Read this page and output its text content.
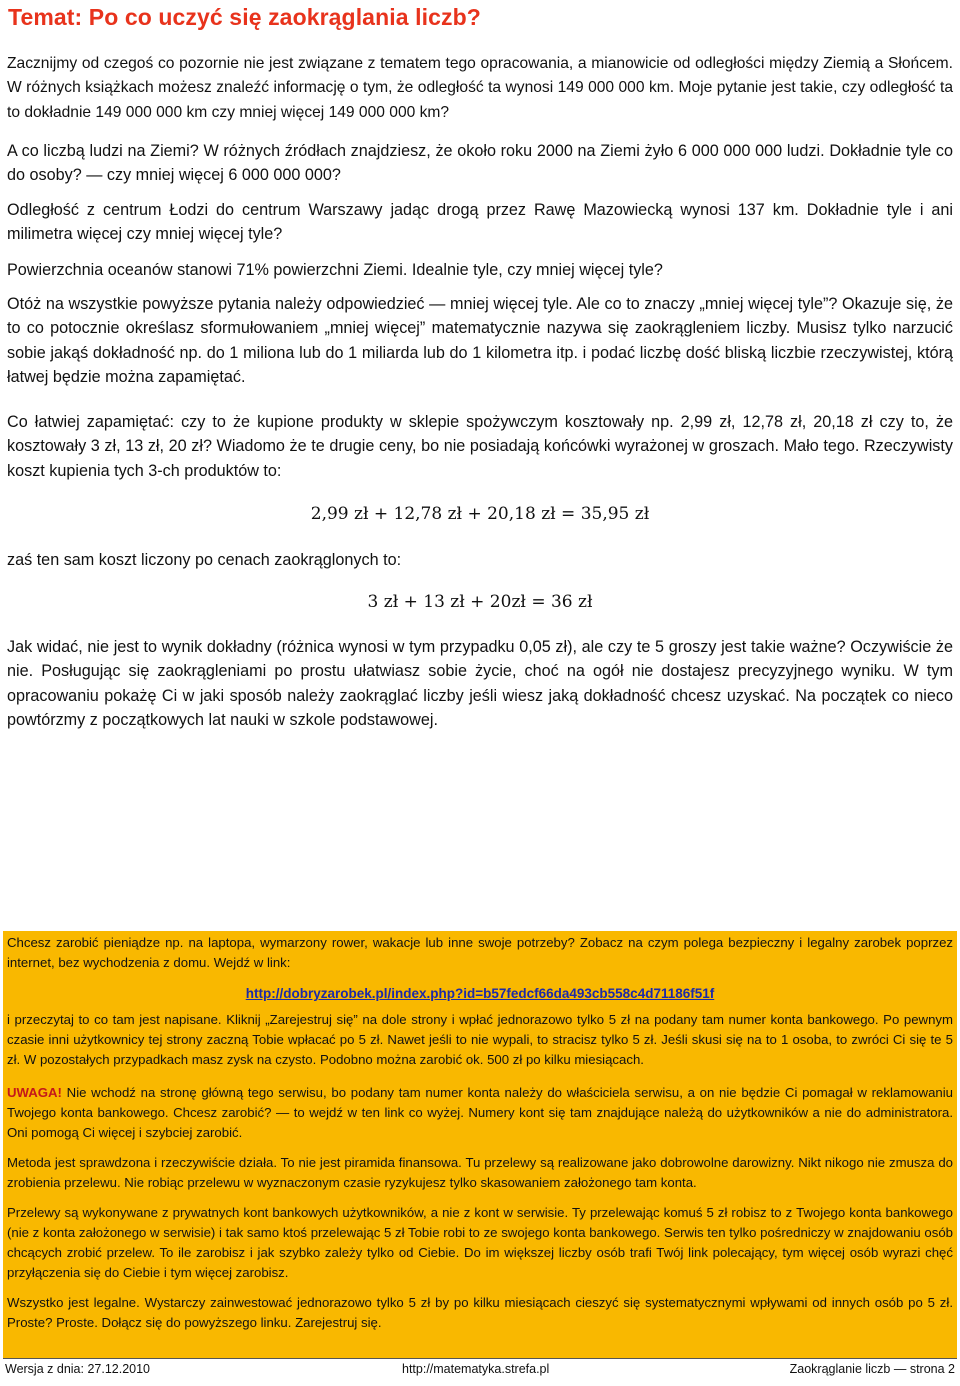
Temat: Po co uczyć się zaokrąglania liczb?

Zacznijmy od czegoś co pozornie nie jest związane z tematem tego opracowania, a mianowicie od odległości między Ziemią a Słońcem. W różnych książkach możesz znaleźć informację o tym, że odległość ta wynosi 149 000 000 km. Moje pytanie jest takie, czy odległość ta to dokładnie 149 000 000 km czy mniej więcej 149 000 000 km?

A co liczbą ludzi na Ziemi? W różnych źródłach znajdziesz, że około roku 2000 na Ziemi żyło 6 000 000 000 ludzi. Dokładnie tyle co do osoby? — czy mniej więcej 6 000 000 000?

Odległość z centrum Łodzi do centrum Warszawy jadąc drogą przez Rawę Mazowiecką wynosi 137 km. Dokładnie tyle i ani milimetra więcej czy mniej więcej tyle?

Powierzchnia oceanów stanowi 71% powierzchni Ziemi. Idealnie tyle, czy mniej więcej tyle?

Otóż na wszystkie powyższe pytania należy odpowiedzieć — mniej więcej tyle. Ale co to znaczy „mniej więcej tyle”? Okazuje się, że to co potocznie określasz sformułowaniem „mniej więcej” matematycznie nazywa się zaokrągleniem liczby. Musisz tylko narzucić sobie jakąś dokładność np. do 1 miliona lub do 1 miliarda lub do 1 kilometra itp. i podać liczbę dość bliską liczbie rzeczywistej, którą łatwej będzie można zapamiętać.

Co łatwiej zapamiętać: czy to że kupione produkty w sklepie spożywczym kosztowały np. 2,99 zł, 12,78 zł, 20,18 zł czy to, że kosztowały 3 zł, 13 zł, 20 zł? Wiadomo że te drugie ceny, bo nie posiadają końcówki wyrażonej w groszach. Mało tego. Rzeczywisty koszt kupienia tych 3-ch produktów to:

2,99 zł + 12,78 zł + 20,18 zł = 35,95 zł

zaś ten sam koszt liczony po cenach zaokrąglonych to:

3 zł + 13 zł + 20zł = 36 zł

Jak widać, nie jest to wynik dokładny (różnica wynosi w tym przypadku 0,05 zł), ale czy te 5 groszy jest takie ważne? Oczywiście że nie. Posługując się zaokrągleniami po prostu ułatwiasz sobie życie, choć na ogół nie dostajesz precyzyjnego wyniku. W tym opracowaniu pokażę Ci w jaki sposób należy zaokrąglać liczby jeśli wiesz jaką dokładność chcesz uzyskać. Na początek co nieco powtórzmy z początkowych lat nauki w szkole podstawowej.

Chcesz zarobić pieniądze np. na laptopa, wymarzony rower, wakacje lub inne swoje potrzeby? Zobacz na czym polega bezpieczny i legalny zarobek poprzez internet, bez wychodzenia z domu. Wejdź w link:

http://dobryzarobek.pl/index.php?id=b57fedcf66da493cb558c4d71186f51f

i przeczytaj to co tam jest napisane. Kliknij „Zarejestruj się” na dole strony i wpłać jednorazowo tylko 5 zł na podany tam numer konta bankowego. Po pewnym czasie inni użytkownicy tej strony zaczną Tobie wpłacać po 5 zł. Nawet jeśli to nie wypali, to stracisz tylko 5 zł. Jeśli skusi się na to 1 osoba, to zwróci Ci się te 5 zł. W pozostałych przypadkach masz zysk na czysto. Podobno można zarobić ok. 500 zł po kilku miesiącach.

UWAGA! Nie wchodź na stronę główną tego serwisu, bo podany tam numer konta należy do właściciela serwisu, a on nie będzie Ci pomagał w reklamowaniu Twojego konta bankowego. Chcesz zarobić? — to wejdź w ten link co wyżej. Numery kont się tam znajdujące należą do użytkowników a nie do administratora. Oni pomogą Ci więcej i szybciej zarobić.

Metoda jest sprawdzona i rzeczywiście działa. To nie jest piramida finansowa. Tu przelewy są realizowane jako dobrowolne darowizny. Nikt nikogo nie zmusza do zrobienia przelewu. Nie robiąc przelewu w wyznaczonym czasie ryzykujesz tylko skasowaniem założonego tam konta.

Przelewy są wykonywane z prywatnych kont bankowych użytkowników, a nie z kont w serwisie. Ty przelewając komuś 5 zł robisz to z Twojego konta bankowego (nie z konta założonego w serwisie) i tak samo ktoś przelewając 5 zł Tobie robi to ze swojego konta bankowego. Serwis ten tylko pośredniczy w znajdowaniu osób chcących zrobić przelew. To ile zarobisz i jak szybko zależy tylko od Ciebie. Do im większej liczby osób trafi Twój link polecający, tym więcej osób wyrazi chęć przyłączenia się do Ciebie i tym więcej zarobisz.

Wszystko jest legalne. Wystarczy zainwestować jednorazowo tylko 5 zł by po kilku miesiącach cieszyć się systematycznymi wpływami od innych osób po 5 zł. Proste? Proste. Dołącz się do powyższego linku. Zarejestruj się.

Wersja z dnia: 27.12.2010	http://matematyka.strefa.pl	Zaokrąglanie liczb — strona 2
